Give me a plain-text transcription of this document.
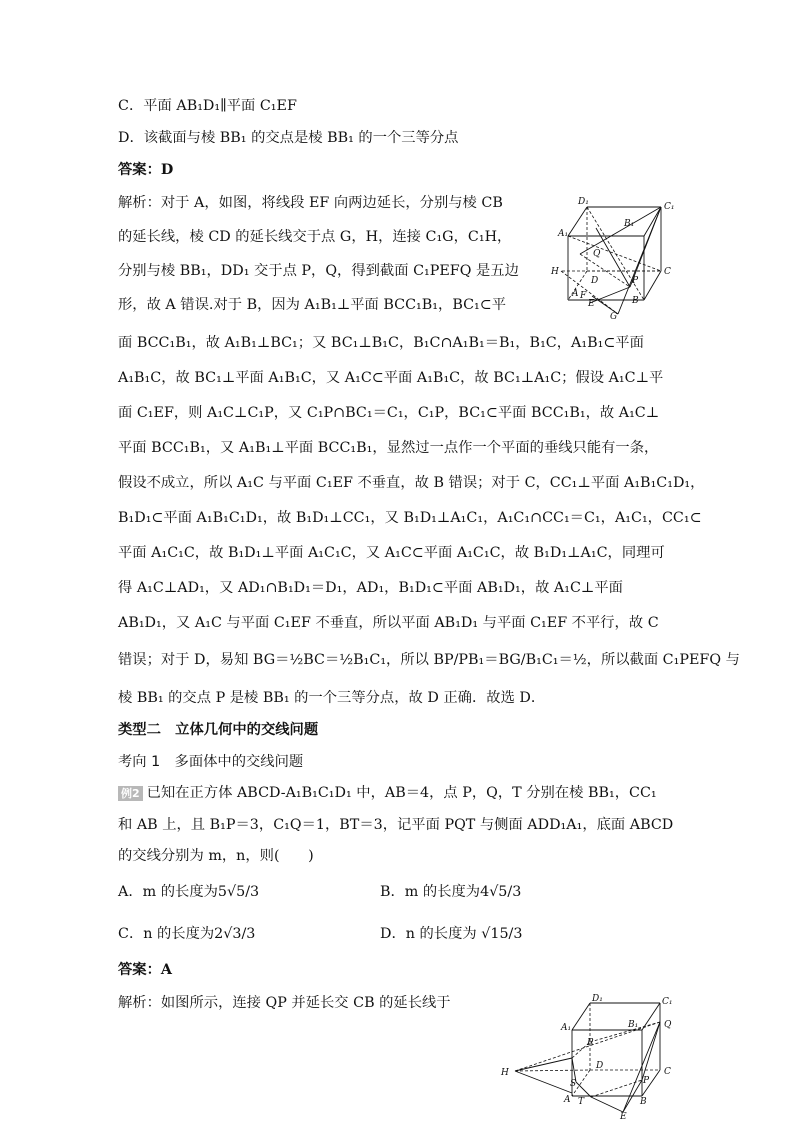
C．平面 AB₁D₁∥平面 C₁EF
D．该截面与棱 BB₁ 的交点是棱 BB₁ 的一个三等分点
答案：D
解析：对于 A，如图，将线段 EF 向两边延长，分别与棱 CB
的延长线，棱 CD 的延长线交于点 G，H，连接 C₁G，C₁H，
分别与棱 BB₁，DD₁ 交于点 P，Q，得到截面 C₁PEFQ 是五边
形，故 A 错误.对于 B，因为 A₁B₁⊥平面 BCC₁B₁，BC₁⊂平
面 BCC₁B₁，故 A₁B₁⊥BC₁；又 BC₁⊥B₁C，B₁C∩A₁B₁＝B₁，B₁C，A₁B₁⊂平面
A₁B₁C，故 BC₁⊥平面 A₁B₁C，又 A₁C⊂平面 A₁B₁C，故 BC₁⊥A₁C；假设 A₁C⊥平
面 C₁EF，则 A₁C⊥C₁P，又 C₁P∩BC₁＝C₁，C₁P，BC₁⊂平面 BCC₁B₁，故 A₁C⊥
平面 BCC₁B₁，又 A₁B₁⊥平面 BCC₁B₁，显然过一点作一个平面的垂线只能有一条，
假设不成立，所以 A₁C 与平面 C₁EF 不垂直，故 B 错误；对于 C，CC₁⊥平面 A₁B₁C₁D₁，
B₁D₁⊂平面 A₁B₁C₁D₁，故 B₁D₁⊥CC₁，又 B₁D₁⊥A₁C₁，A₁C₁∩CC₁＝C₁，A₁C₁，CC₁⊂
平面 A₁C₁C，故 B₁D₁⊥平面 A₁C₁C，又 A₁C⊂平面 A₁C₁C，故 B₁D₁⊥A₁C，同理可
得 A₁C⊥AD₁，又 AD₁∩B₁D₁＝D₁，AD₁，B₁D₁⊂平面 AB₁D₁，故 A₁C⊥平面
AB₁D₁，又 A₁C 与平面 C₁EF 不垂直，所以平面 AB₁D₁ 与平面 C₁EF 不平行，故 C
错误；对于 D，易知 BG＝½BC＝½B₁C₁，所以 BP/PB₁＝BG/B₁C₁＝½，所以截面 C₁PEFQ 与
棱 BB₁ 的交点 P 是棱 BB₁ 的一个三等分点，故 D 正确．故选 D．
类型二　立体几何中的交线问题
考向 1　多面体中的交线问题
例2 已知在正方体 ABCD-A₁B₁C₁D₁ 中，AB＝4，点 P，Q，T 分别在棱 BB₁，CC₁
和 AB 上，且 B₁P＝3，C₁Q＝1，BT＝3，记平面 PQT 与侧面 ADD₁A₁，底面 ABCD
的交线分别为 m，n，则(　　)
A．m 的长度为5√5/3	B．m 的长度为4√5/3
C．n 的长度为2√3/3	D．n 的长度为 √15/3
答案：A
解析：如图所示，连接 QP 并延长交 CB 的延长线于
D₁	C₁
A₁
B₁
Q
H
D
C
A F
E
P
B
G
D₁	C₁
A₁	B₁	Q
R
H
D
C
S	P
A T	B
E
